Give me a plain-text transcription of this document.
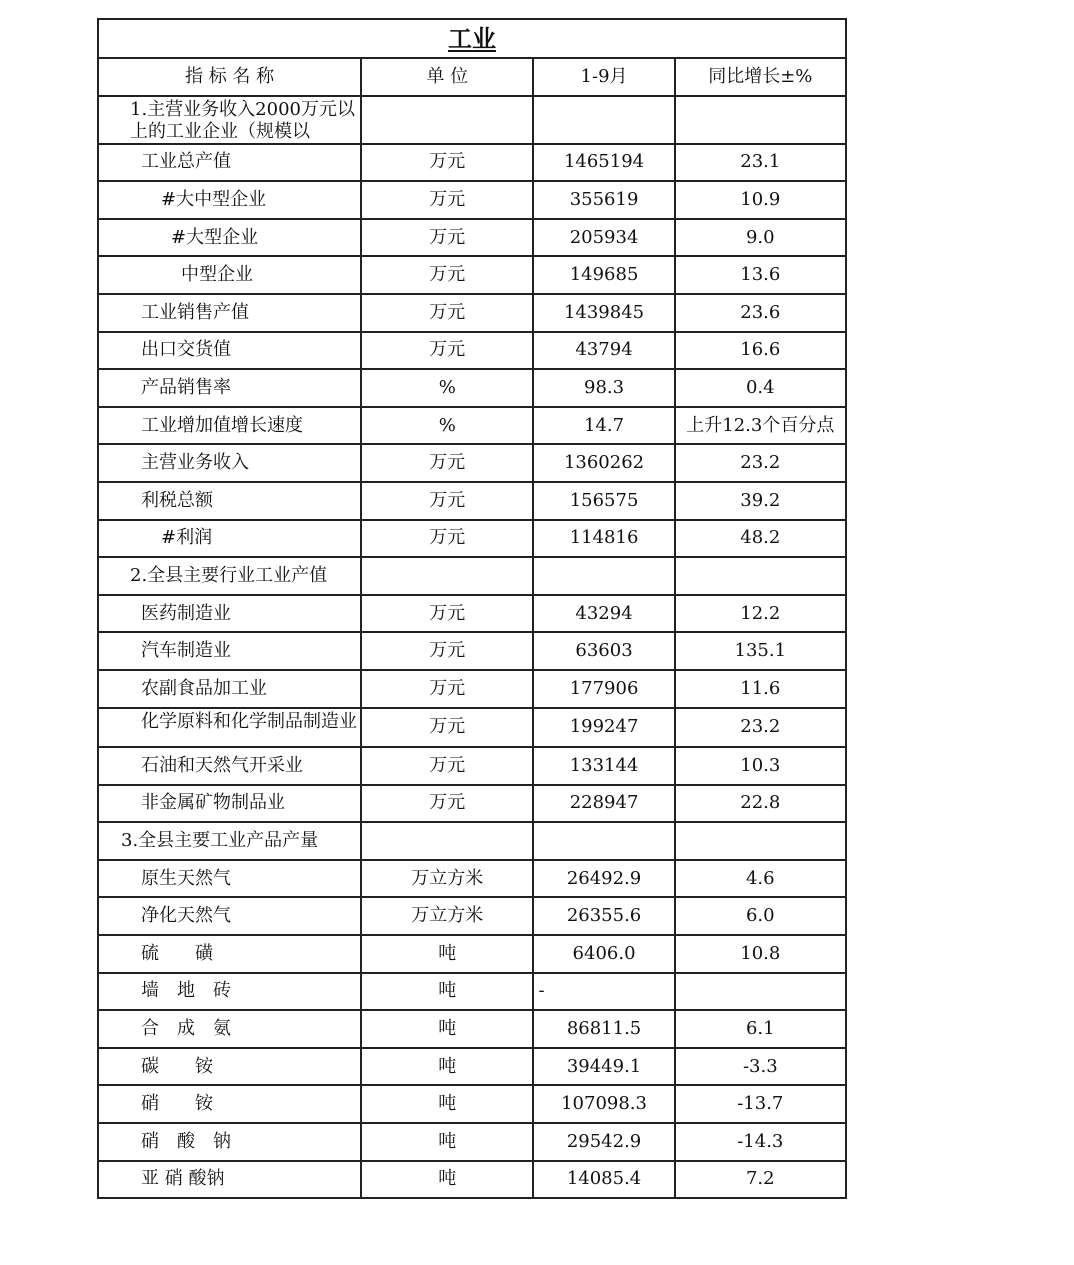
工业			
指 标 名 称	单 位	1-9月	同比增长±%
1.主营业务收入2000万元以上的工业企业（规模以			
工业总产值	万元	1465194	23.1
#大中型企业	万元	355619	10.9
#大型企业	万元	205934	9.0
中型企业	万元	149685	13.6
工业销售产值	万元	1439845	23.6
出口交货值	万元	43794	16.6
产品销售率	%	98.3	0.4
工业增加值增长速度	%	14.7	上升12.3个百分点
主营业务收入	万元	1360262	23.2
利税总额	万元	156575	39.2
#利润	万元	114816	48.2
2.全县主要行业工业产值			
医药制造业	万元	43294	12.2
汽车制造业	万元	63603	135.1
农副食品加工业	万元	177906	11.6
化学原料和化学制品制造业	万元	199247	23.2
石油和天然气开采业	万元	133144	10.3
非金属矿物制品业	万元	228947	22.8
3.全县主要工业产品产量			
原生天然气	万立方米	26492.9	4.6
净化天然气	万立方米	26355.6	6.0
硫　　磺	吨	6406.0	10.8
墙　地　砖	吨	-	
合　成　氨	吨	86811.5	6.1
碳　　铵	吨	39449.1	-3.3
硝　　铵	吨	107098.3	-13.7
硝　酸　钠	吨	29542.9	-14.3
亚 硝 酸钠	吨	14085.4	7.2
